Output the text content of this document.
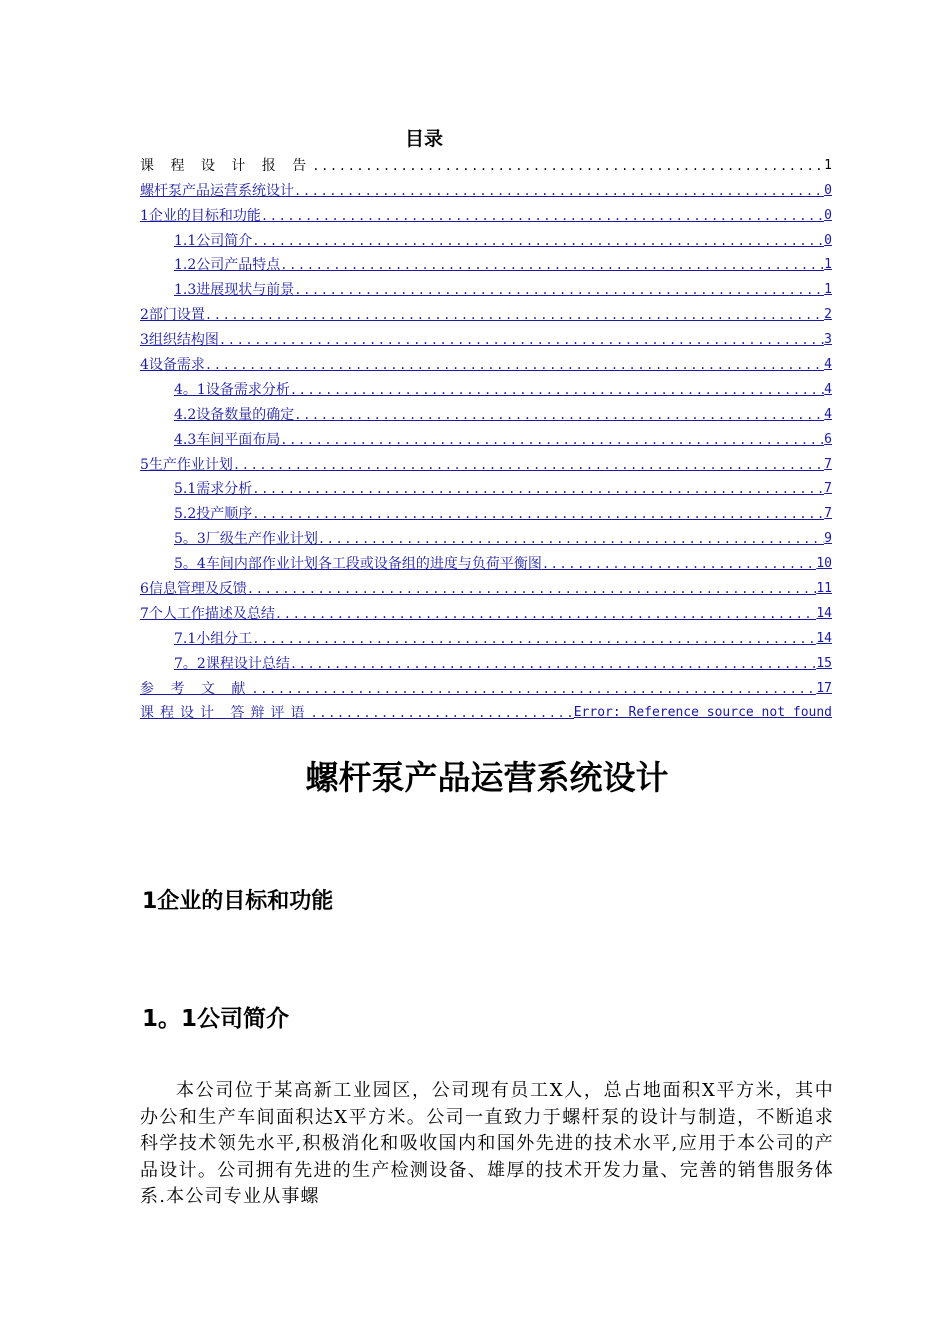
目录
课 程 设 计 报 告 .....	1
螺杆泵产品运营系统设计 .....	0
1企业的目标和功能 .....	0
1.1公司简介 .....	0
1.2公司产品特点 .....	1
1.3进展现状与前景 .....	1
2部门设置 .....	2
3组织结构图 .....	3
4设备需求 .....	4
4。1设备需求分析 .....	4
4.2设备数量的确定 .....	4
4.3车间平面布局 .....	6
5生产作业计划 .....	7
5.1需求分析 .....	7
5.2投产顺序 .....	7
5。3厂级生产作业计划 .....	9
5。4车间内部作业计划各工段或设备组的进度与负荷平衡图 .....	10
6信息管理及反馈 .....	11
7个人工作描述及总结 .....	14
7.1小组分工 .....	14
7。2课程设计总结 .....	15
参 考 文 献 .....	17
课程设计 答辩评语 .....	Error: Reference source not found
螺杆泵产品运营系统设计
1企业的目标和功能
1。1公司简介

本公司位于某高新工业园区，公司现有员工X人，总占地面积X平方米，其中办公和生产车间面积达X平方米。公司一直致力于螺杆泵的设计与制造，不断追求科学技术领先水平,积极消化和吸收国内和国外先进的技术水平,应用于本公司的产品设计。公司拥有先进的生产检测设备、雄厚的技术开发力量、完善的销售服务体系.本公司专业从事螺
